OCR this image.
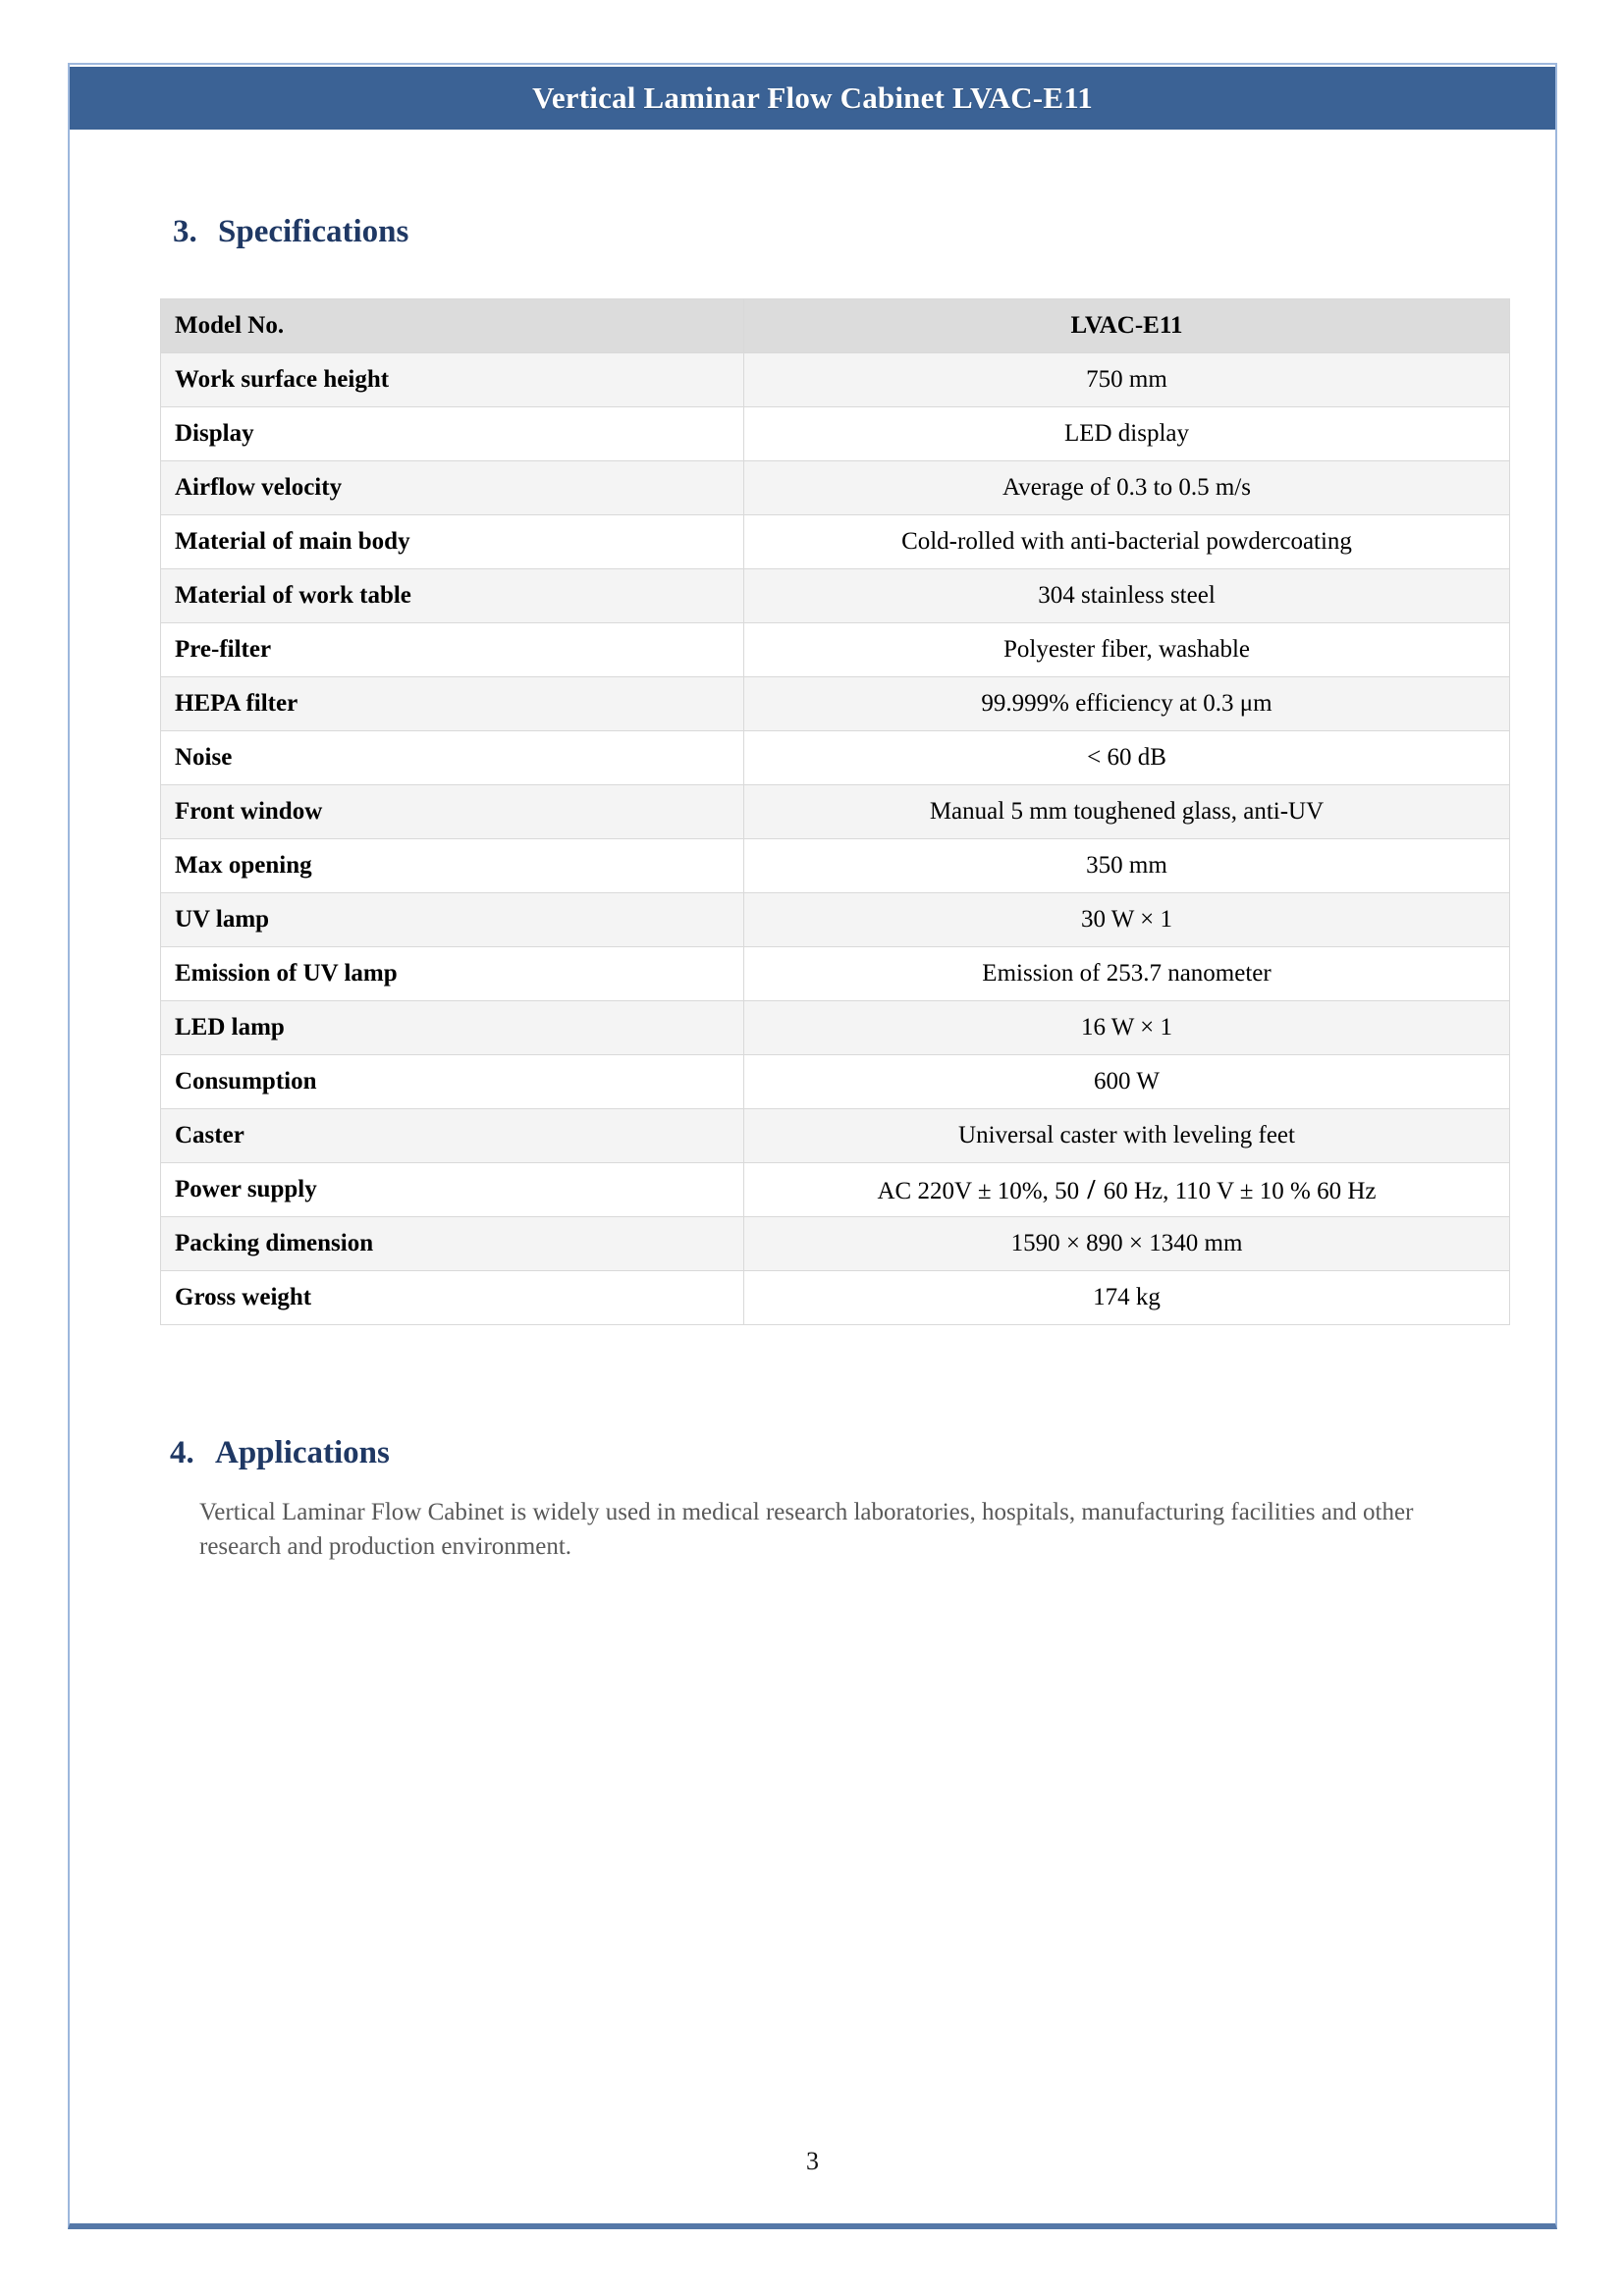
Vertical Laminar Flow Cabinet LVAC-E11
3. Specifications
Model No.	LVAC-E11
Work surface height	750 mm
Display	LED display
Airflow velocity	Average of 0.3 to 0.5 m/s
Material of main body	Cold-rolled with anti-bacterial powdercoating
Material of work table	304 stainless steel
Pre-filter	Polyester fiber, washable
HEPA filter	99.999% efficiency at 0.3 μm
Noise	< 60 dB
Front window	Manual 5 mm toughened glass, anti-UV
Max opening	350 mm
UV lamp	30 W × 1
Emission of UV lamp	Emission of 253.7 nanometer
LED lamp	16 W × 1
Consumption	600 W
Caster	Universal caster with leveling feet
Power supply	AC 220V ± 10%, 50 / 60 Hz, 110 V ± 10 % 60 Hz
Packing dimension	1590 × 890 × 1340 mm
Gross weight	174 kg
4. Applications
Vertical Laminar Flow Cabinet is widely used in medical research laboratories, hospitals, manufacturing facilities and other research and production environment.
3
